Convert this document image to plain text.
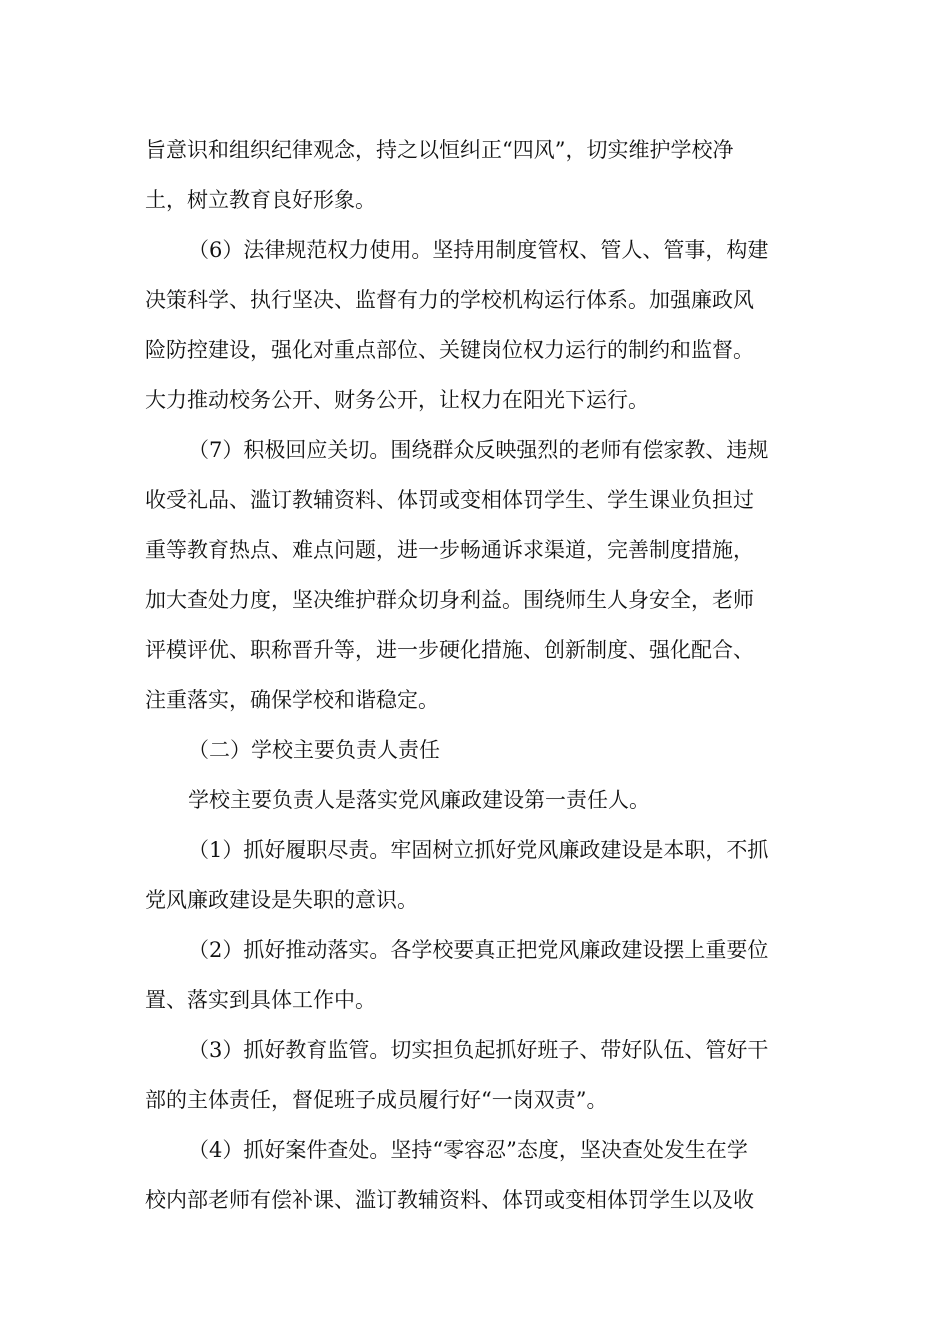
旨意识和组织纪律观念，持之以恒纠正“四风”，切实维护学校净
土，树立教育良好形象。
（6）法律规范权力使用。坚持用制度管权、管人、管事，构建
决策科学、执行坚决、监督有力的学校机构运行体系。加强廉政风
险防控建设，强化对重点部位、关键岗位权力运行的制约和监督。
大力推动校务公开、财务公开，让权力在阳光下运行。
（7）积极回应关切。围绕群众反映强烈的老师有偿家教、违规
收受礼品、滥订教辅资料、体罚或变相体罚学生、学生课业负担过
重等教育热点、难点问题，进一步畅通诉求渠道，完善制度措施，
加大查处力度，坚决维护群众切身利益。围绕师生人身安全，老师
评模评优、职称晋升等，进一步硬化措施、创新制度、强化配合、
注重落实，确保学校和谐稳定。
（二）学校主要负责人责任
学校主要负责人是落实党风廉政建设第一责任人。
（1）抓好履职尽责。牢固树立抓好党风廉政建设是本职，不抓
党风廉政建设是失职的意识。
（2）抓好推动落实。各学校要真正把党风廉政建设摆上重要位
置、落实到具体工作中。
（3）抓好教育监管。切实担负起抓好班子、带好队伍、管好干
部的主体责任，督促班子成员履行好“一岗双责”。
（4）抓好案件查处。坚持“零容忍”态度，坚决查处发生在学
校内部老师有偿补课、滥订教辅资料、体罚或变相体罚学生以及收
